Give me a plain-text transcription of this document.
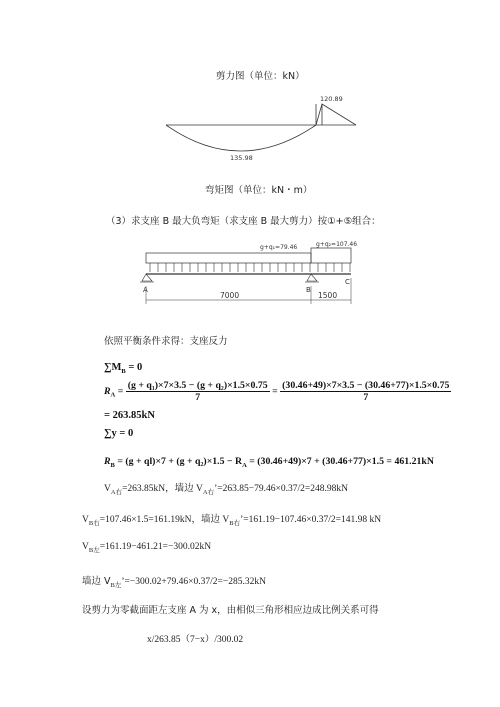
剪力图（单位：kN）
120.89
135.98
弯矩图（单位：kN・m）
（3）求支座 B 最大负弯矩（求支座 B 最大剪力）按①+⑤组合：
g+q₁=79.46	g+q₂=107.46
A	B
C
7000	1500
依照平衡条件求得：支座反力
$\sum M_B = 0$
$R_A = \frac{\text{(g + q₁)×7×3.5 − (g + q₂)×1.5×0.75}}{7} = \frac{(30.46+49)\times 7\times 3.5 - (30.46+77)\times 1.5\times 0.75}{7}$
= 263.85kN
∑y = 0
$R_B = (g + ql)\times 7 + (g + q_2)\times 1.5 - R_A = (30.46+49)\times 7 + (30.46+77)\times 1.5 = 461.21kN$
$V_{A右}=263.85kN$，墙边 $V_{A右}’=263.85-79.46\times 0.37/2=248.98kN$
$V_{B右}=107.46\times 1.5=161.19kN$，墙边 $V_{B右}’=161.19-107.46\times 0.37/2=141.98$ kN
$V_{B左}=161.19-461.21=-300.02kN$
墙边 $V_{B左}’=-300.02+79.46\times 0.37/2=-285.32kN$
设剪力为零截面距左支座 A 为 x，由相似三角形相应边成比例关系可得
x/263.85（7−x）/300.02
